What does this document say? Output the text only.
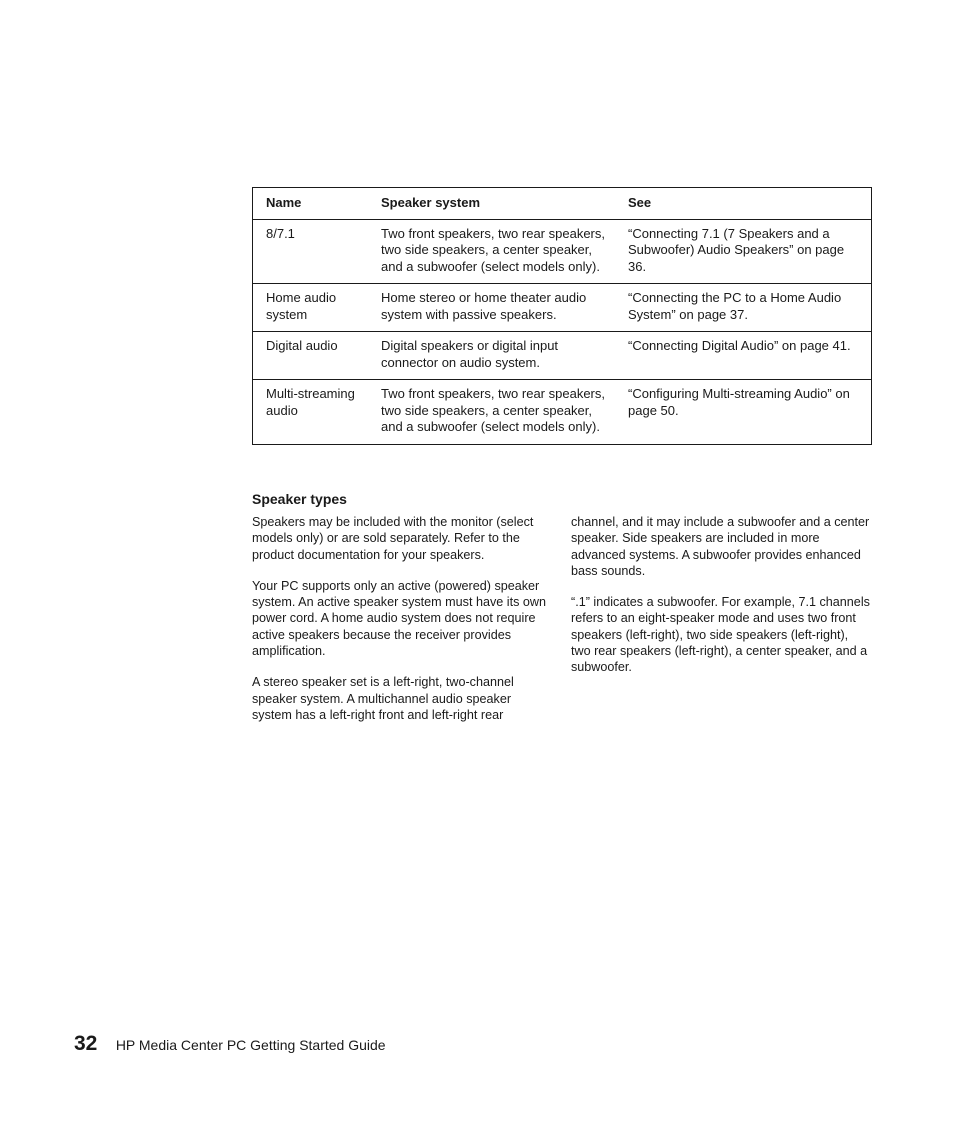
Name	Speaker system	See
8/7.1	Two front speakers, two rear speakers, two side speakers, a center speaker, and a subwoofer (select models only).	“Connecting 7.1 (7 Speakers and a Subwoofer) Audio Speakers” on page 36.
Home audio system	Home stereo or home theater audio system with passive speakers.	“Connecting the PC to a Home Audio System” on page 37.
Digital audio	Digital speakers or digital input connector on audio system.	“Connecting Digital Audio” on page 41.
Multi-streaming audio	Two front speakers, two rear speakers, two side speakers, a center speaker, and a subwoofer (select models only).	“Configuring Multi-streaming Audio” on page 50.
Speaker types

Speakers may be included with the monitor (select models only) or are sold separately. Refer to the product documentation for your speakers.

Your PC supports only an active (powered) speaker system. An active speaker system must have its own power cord. A home audio system does not require active speakers because the receiver provides amplification.

A stereo speaker set is a left-right, two-channel speaker system. A multichannel audio speaker system has a left-right front and left-right rear

channel, and it may include a subwoofer and a center speaker. Side speakers are included in more advanced systems. A subwoofer provides enhanced bass sounds.

“.1” indicates a subwoofer. For example, 7.1 channels refers to an eight-speaker mode and uses two front speakers (left-right), two side speakers (left-right), two rear speakers (left-right), a center speaker, and a subwoofer.

32 HP Media Center PC Getting Started Guide
